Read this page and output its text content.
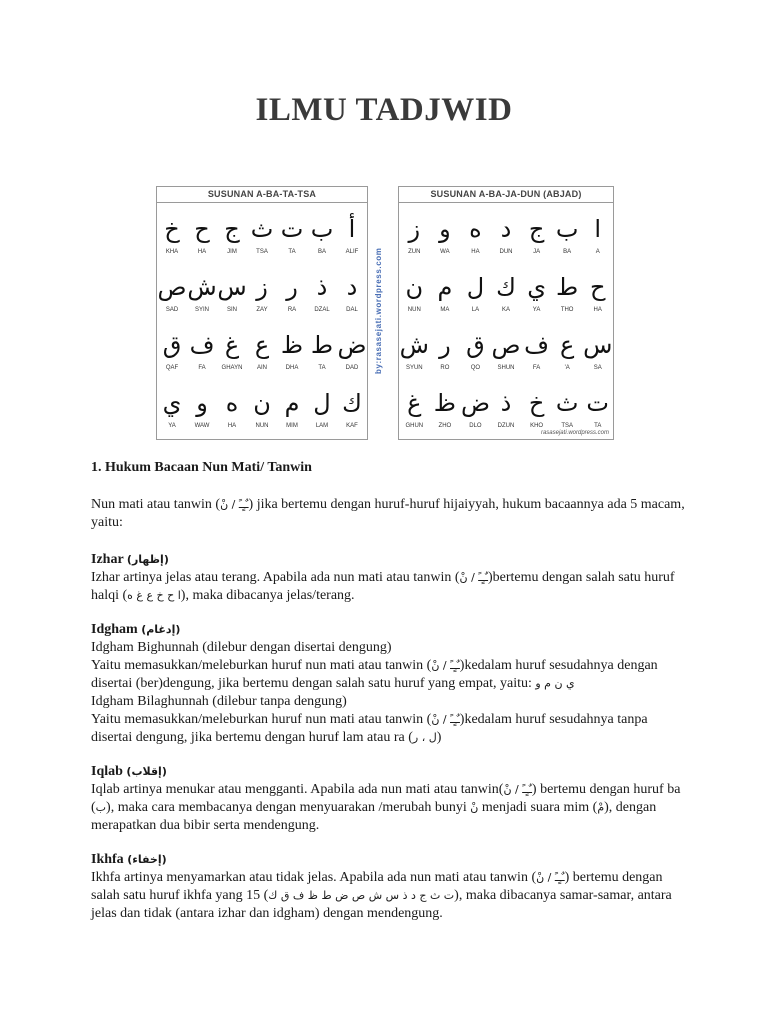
ILMU TADJWID
SUSUNAN A-BA-TA-TSA
أ
ALIF
ب
BA
ت
TA
ث
TSA
ج
JIM
ح
HA
خ
KHA
د
DAL
ذ
DZAL
ر
RA
ز
ZAY
س
SIN
ش
SYIN
ص
SAD
ض
DAD
ط
TA
ظ
DHA
ع
AIN
غ
GHAYN
ف
FA
ق
QAF
ك
KAF
ل
LAM
م
MIM
ن
NUN
ه
HA
و
WAW
ي
YA
by:rasasejati.wordpress.com
SUSUNAN A-BA-JA-DUN (ABJAD)
ا
A
ب
BA
ج
JA
د
DUN
ه
HA
و
WA
ز
ZUN
ح
HA
ط
THO
ي
YA
ك
KA
ل
LA
م
MA
ن
NUN
س
SA
ع
'A
ف
FA
ص
SHUN
ق
QO
ر
RO
ش
SYUN
ت
TA
ث
TSA
خ
KHO
ذ
DZUN
ض
DLO
ظ
ZHO
غ
GHUN
rasasejati.wordpress.com

1. Hukum Bacaan Nun Mati/ Tanwin

Nun mati atau tanwin (ـٌـٍـً / نْ) jika bertemu dengan huruf-huruf hijaiyyah, hukum bacaannya ada 5 macam, yaitu:

Izhar (إظهار)

Izhar artinya jelas atau terang. Apabila ada nun mati atau tanwin (ـٌـٍـً / نْ)bertemu dengan salah satu huruf halqi (ا ح خ ع غ ه), maka dibacanya jelas/terang.

Idgham (إدغام)

Idgham Bighunnah (dilebur dengan disertai dengung)

Yaitu memasukkan/meleburkan huruf nun mati atau tanwin (ـٌـٍـً / نْ)kedalam huruf sesudahnya dengan disertai (ber)dengung, jika bertemu dengan salah satu huruf yang empat, yaitu: ي ن م و

Idgham Bilaghunnah (dilebur tanpa dengung)

Yaitu memasukkan/meleburkan huruf nun mati atau tanwin (ـٌـٍـً / نْ)kedalam huruf sesudahnya tanpa disertai dengung, jika bertemu dengan huruf lam atau ra (ل ، ر)

Iqlab (إقلاب)

Iqlab artinya menukar atau mengganti. Apabila ada nun mati atau tanwin(ـٌـٍـً / نْ) bertemu dengan huruf ba (ب), maka cara membacanya dengan menyuarakan /merubah bunyi نْ menjadi suara mim (مْ), dengan merapatkan dua bibir serta mendengung.

Ikhfa (إخفاء)

Ikhfa artinya menyamarkan atau tidak jelas. Apabila ada nun mati atau tanwin (ـٌـٍـً / نْ) bertemu dengan salah satu huruf ikhfa yang 15 (ت ث ج د ذ س ش ص ض ط ظ ف ق ك), maka dibacanya samar-samar, antara jelas dan tidak (antara izhar dan idgham) dengan mendengung.
